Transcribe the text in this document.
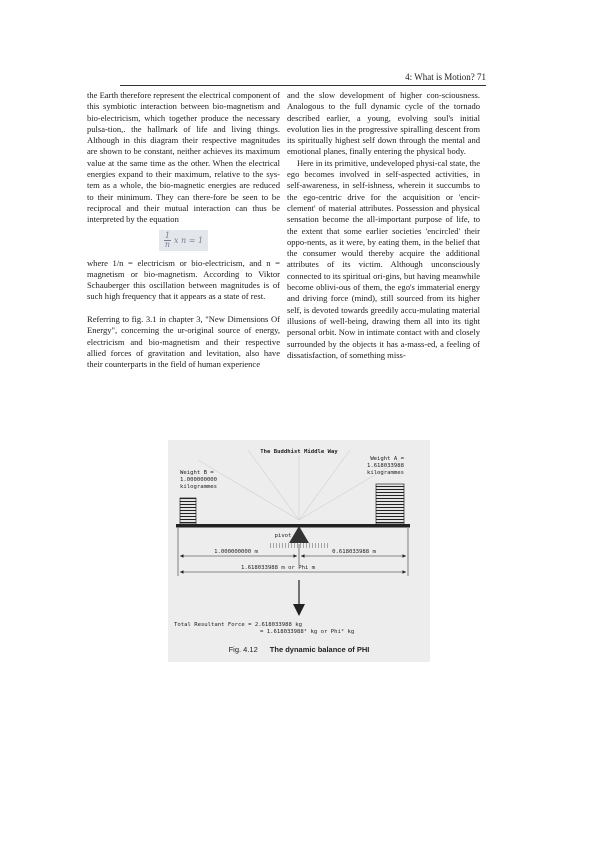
4: What is Motion? 71

the Earth therefore represent the electrical component of this symbiotic interaction between bio-magnetism and bio-electricism, which together produce the necessary pulsa-tion,. the hallmark of life and living things. Although in this diagram their respective magnitudes are shown to be constant, neither achieves its maximum value at the same time as the other. When the electrical energies expand to their maximum, relative to the sys-tem as a whole, the bio-magnetic energies are reduced to their minimum. They can there-fore be seen to be reciprocal and their mutual interaction can thus be interpreted by the equation

$\frac{1}{n}$ x n = 1

where 1/n = electricism or bio-electricism, and n = magnetism or bio-magnetism. According to Viktor Schauberger this oscillation between magnitudes is of such high frequency that it appears as a state of rest.

Referring to fig. 3.1 in chapter 3, "New Dimensions Of Energy", concerning the ur-original source of energy, electricism and bio-magnetism and their respective allied forces of gravitation and levitation, also have their counterparts in the field of human experience

and the slow development of higher con-sciousness. Analogous to the full dynamic cycle of the tornado described earlier, a young, evolving soul's initial evolution lies in the progressive spiralling descent from its spiritually highest self down through the mental and emotional planes, finally entering the physical body.

Here in its primitive, undeveloped physi-cal state, the ego becomes involved in self-aspected activities, in self-awareness, in self-ishness, wherein it succumbs to the ego-centric drive for the acquisition or 'encir-clement' of material attributes. Possession and physical sensation become the all-important purpose of life, to the extent that some earlier societies 'encircled' their oppo-nents, as it were, by eating them, in the belief that the consumer would thereby acquire the additional attributes of its victim. Although unconsciously connected to its spiritual ori-gins, but having meanwhile become oblivi-ous of them, the ego's immaterial energy and driving force (mind), still sourced from its higher self, is devoted towards greedily accu-mulating material illusions of well-being, drawing them all into its tight personal orbit. Now in intimate contact with and closely surrounded by the objects it has a-mass-ed, a feeling of dissatisfaction, of something miss-

The Buddhist Middle Way
Weight B =
1.000000000
kilogrammes
Weight A =
1.618033988
kilogrammes
pivot
1.000000000 m	0.618033988 m
1.618033988 m or Phi m
Total Resultant Force = 2.618033988 kg
= 1.618033988² kg or Phi² kg
Fig. 4.12 The dynamic balance of PHI
